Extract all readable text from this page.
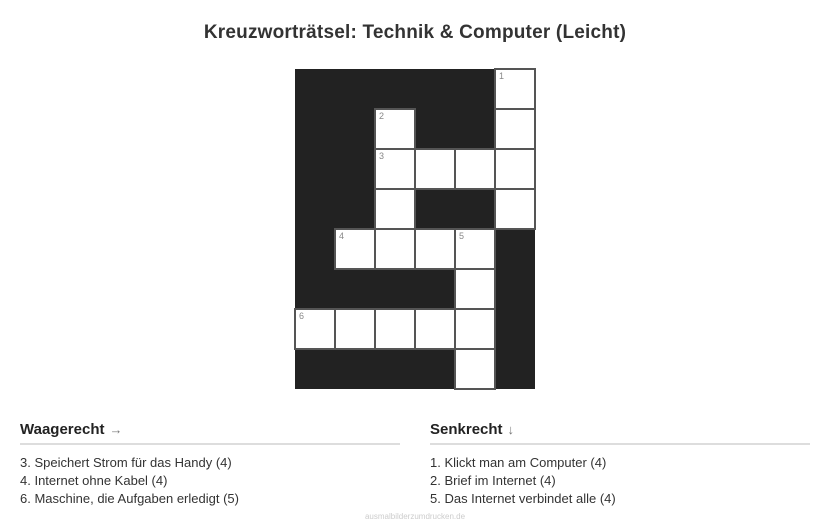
Kreuzworträtsel: Technik & Computer (Leicht)
1
2
3
4	5
6
Waagerecht →
3. Speichert Strom für das Handy (4)
4. Internet ohne Kabel (4)
6. Maschine, die Aufgaben erledigt (5)
Senkrecht ↓
1. Klickt man am Computer (4)
2. Brief im Internet (4)
5. Das Internet verbindet alle (4)
ausmalbilderzumdrucken.de
